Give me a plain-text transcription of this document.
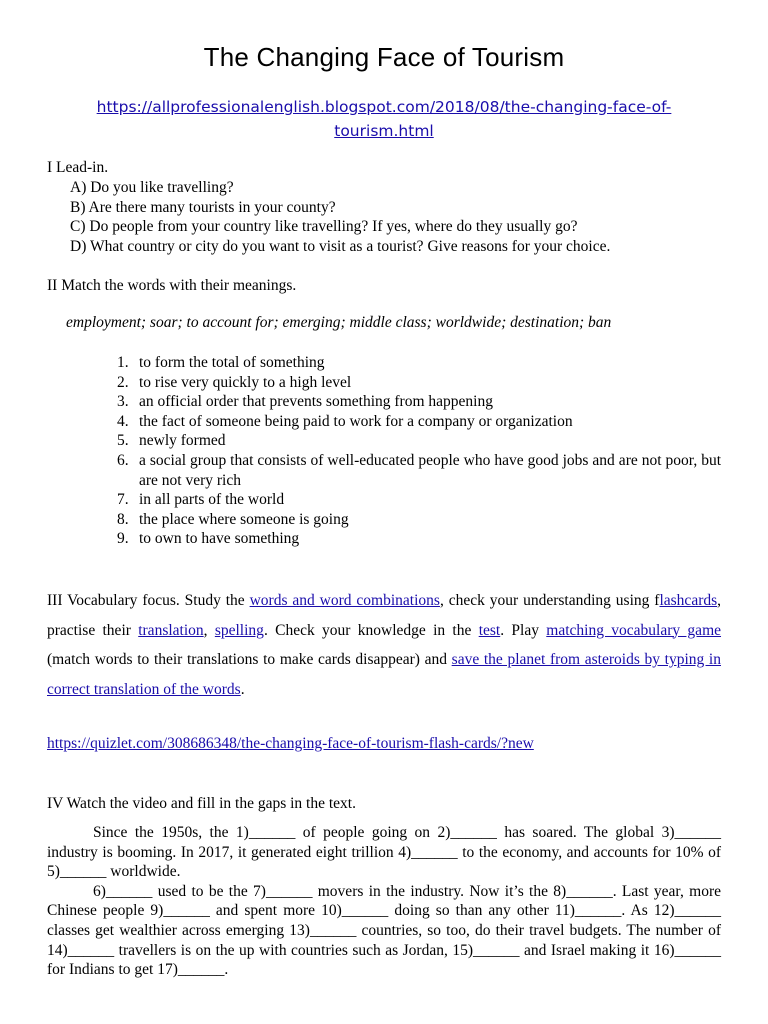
The Changing Face of Tourism
https://allprofessionalenglish.blogspot.com/2018/08/the-changing-face-of-tourism.html
I Lead-in.
A) Do you like travelling?
B) Are there many tourists in your county?
C) Do people from your country like travelling? If yes, where do they usually go?
D) What country or city do you want to visit as a tourist? Give reasons for your choice.
II Match the words with their meanings.
employment; soar; to account for; emerging; middle class; worldwide; destination; ban
1. to form the total of something
2. to rise very quickly to a high level
3. an official order that prevents something from happening
4. the fact of someone being paid to work for a company or organization
5. newly formed
6. a social group that consists of well-educated people who have good jobs and are not poor, but are not very rich
7. in all parts of the world
8. the place where someone is going
9. to own to have something
III Vocabulary focus. Study the words and word combinations, check your understanding using flashcards, practise their translation, spelling. Check your knowledge in the test. Play matching vocabulary game (match words to their translations to make cards disappear) and save the planet from asteroids by typing in correct translation of the words.
https://quizlet.com/308686348/the-changing-face-of-tourism-flash-cards/?new
IV Watch the video and fill in the gaps in the text.

Since the 1950s, the 1)______ of people going on 2)______ has soared. The global 3)______ industry is booming. In 2017, it generated eight trillion 4)______ to the economy, and accounts for 10% of 5)______ worldwide.

6)______ used to be the 7)______ movers in the industry. Now it’s the 8)______. Last year, more Chinese people 9)______ and spent more 10)______ doing so than any other 11)______. As 12)______ classes get wealthier across emerging 13)______ countries, so too, do their travel budgets. The number of 14)______ travellers is on the up with countries such as Jordan, 15)______ and Israel making it 16)______ for Indians to get 17)______.
